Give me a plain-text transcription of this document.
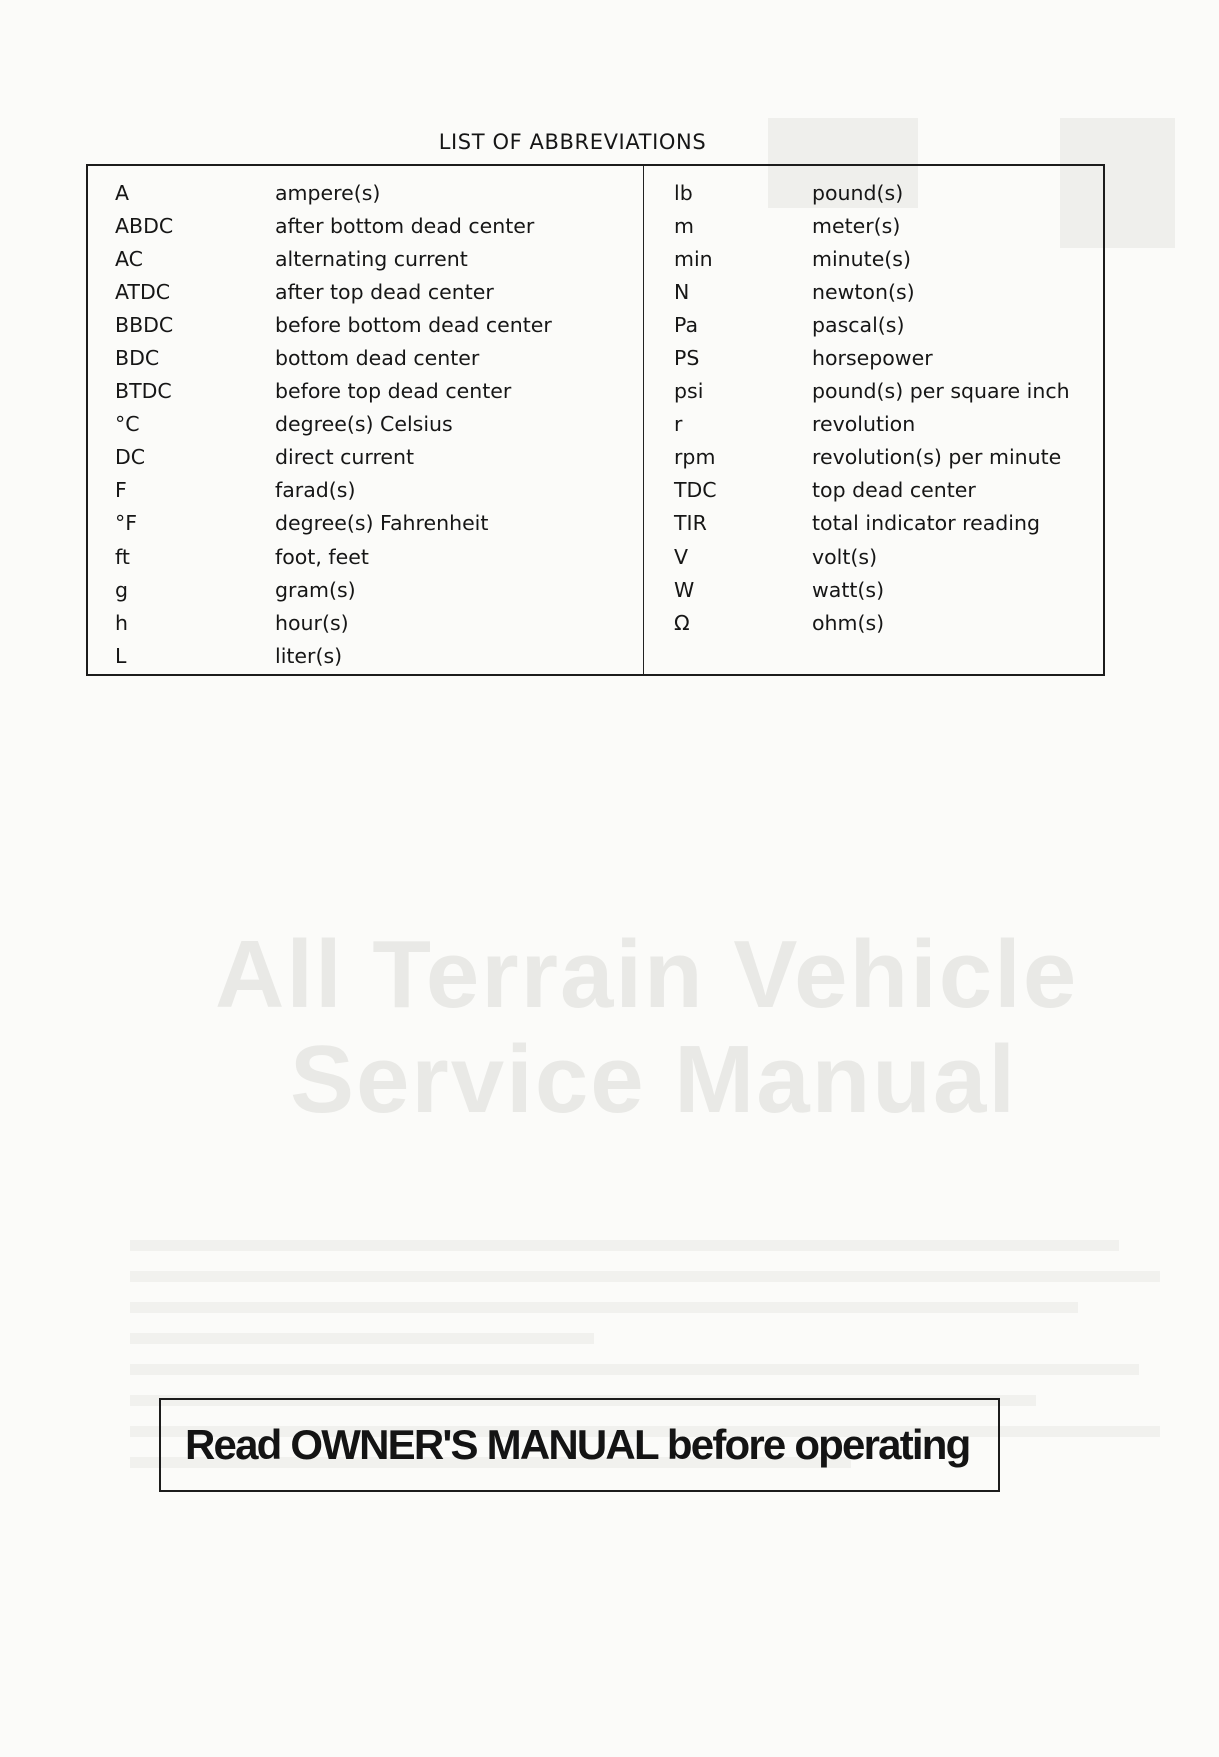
All Terrain Vehicle
Service Manual
LIST OF ABBREVIATIONS
A	ampere(s)
ABDC	after bottom dead center
AC	alternating current
ATDC	after top dead center
BBDC	before bottom dead center
BDC	bottom dead center
BTDC	before top dead center
°C	degree(s) Celsius
DC	direct current
F	farad(s)
°F	degree(s) Fahrenheit
ft	foot, feet
g	gram(s)
h	hour(s)
L	liter(s)
lb	pound(s)
m	meter(s)
min	minute(s)
N	newton(s)
Pa	pascal(s)
PS	horsepower
psi	pound(s) per square inch
r	revolution
rpm	revolution(s) per minute
TDC	top dead center
TIR	total indicator reading
V	volt(s)
W	watt(s)
Ω	ohm(s)
Read OWNER'S MANUAL before operating
